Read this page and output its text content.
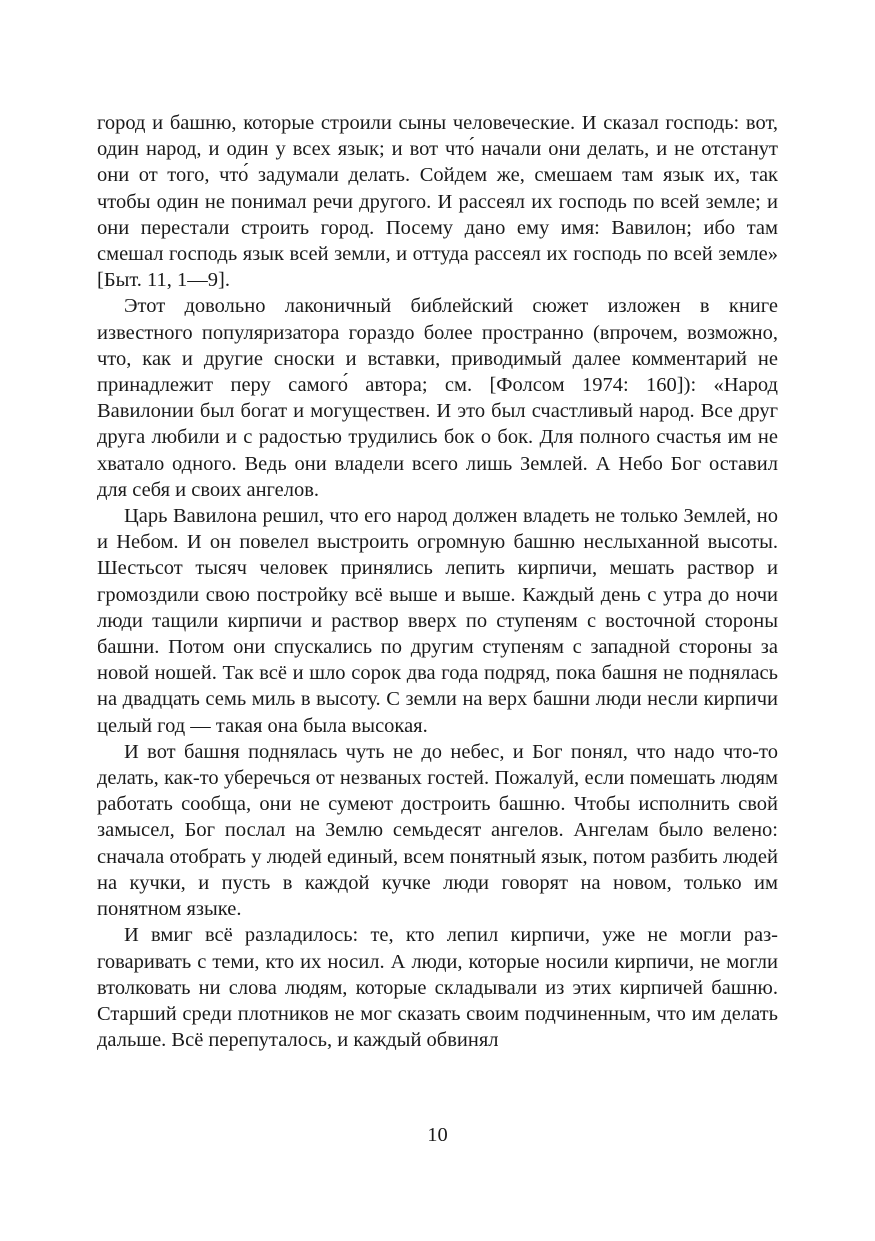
город и башню, которые строили сыны человеческие. И сказал господь: вот, один народ, и один у всех язык; и вот что́ начали они делать, и не отстанут они от того, что́ задумали делать. Сойдем же, смешаем там язык их, так чтобы один не понимал речи другого. И рассеял их господь по всей земле; и они перестали строить город. Посему дано ему имя: Вавилон; ибо там смешал господь язык всей земли, и оттуда рассеял их господь по всей земле» [Быт. 11, 1—9].

Этот довольно лаконичный библейский сюжет изложен в книге известного популяризатора гораздо более пространно (впрочем, возможно, что, как и другие сноски и вставки, приводимый далее комментарий не принадлежит перу самого́ автора; см. [Фолсом 1974: 160]): «Народ Вавилонии был богат и могуществен. И это был счастливый народ. Все друг друга любили и с радостью трудились бок о бок. Для полного счастья им не хватало одного. Ведь они владели всего лишь Землей. А Небо Бог оставил для себя и своих ангелов.

Царь Вавилона решил, что его народ должен владеть не только Землей, но и Небом. И он повелел выстроить огромную башню неслыханной высоты. Шестьсот тысяч человек принялись лепить кирпичи, мешать раствор и громоздили свою постройку всё выше и выше. Каждый день с утра до ночи люди тащили кирпичи и раствор вверх по ступеням с восточной стороны башни. Потом они спускались по другим ступеням с западной стороны за новой ношей. Так всё и шло сорок два года подряд, пока башня не поднялась на двадцать семь миль в высоту. С земли на верх башни люди несли кирпичи целый год — такая она была высокая.

И вот башня поднялась чуть не до небес, и Бог понял, что надо что-то делать, как-то уберечься от незваных гостей. Пожалуй, если помешать людям работать сообща, они не сумеют достроить башню. Чтобы исполнить свой замысел, Бог послал на Землю семьдесят ангелов. Ангелам было велено: сначала отобрать у людей единый, всем понятный язык, потом разбить людей на кучки, и пусть в каждой кучке люди говорят на новом, только им понятном языке.

И вмиг всё разладилось: те, кто лепил кирпичи, уже не могли разговаривать с теми, кто их носил. А люди, которые носили кирпичи, не могли втолковать ни слова людям, которые складывали из этих кирпичей башню. Старший среди плотников не мог сказать своим подчиненным, что им делать дальше. Всё перепуталось, и каждый обвинял

10
